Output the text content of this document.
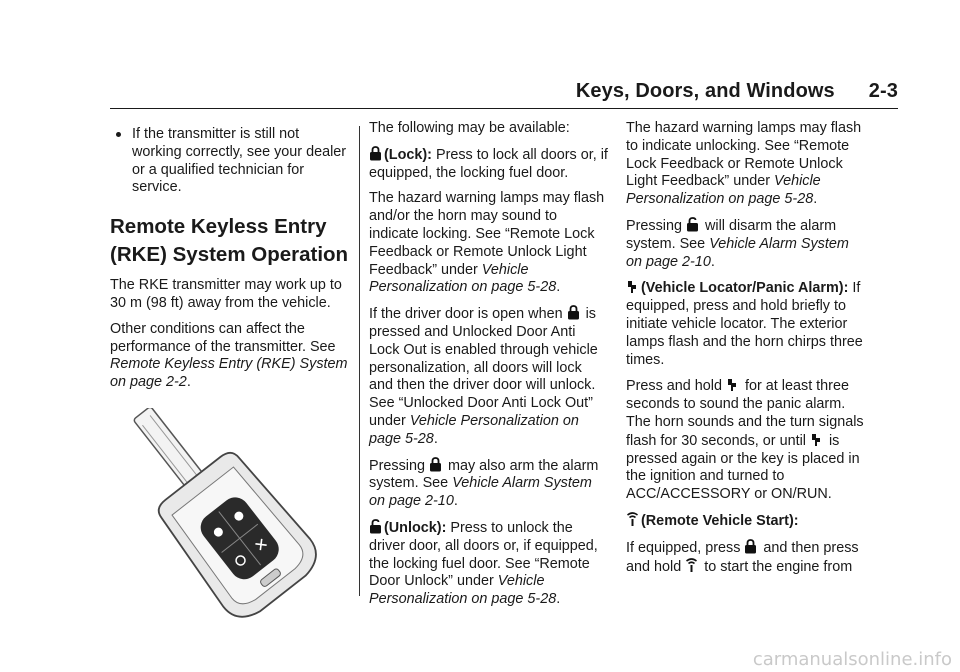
Keys, Doors, and Windows 2-3
If the transmitter is still not working correctly, see your dealer or a qualified technician for service.
Remote Keyless Entry (RKE) System Operation

The RKE transmitter may work up to 30 m (98 ft) away from the vehicle.

Other conditions can affect the performance of the transmitter. See Remote Keyless Entry (RKE) System on page 2‑2.

The following may be available:

(Lock): Press to lock all doors or, if equipped, the locking fuel door.

The hazard warning lamps may flash and/or the horn may sound to indicate locking. See “Remote Lock Feedback or Remote Unlock Light Feedback” under Vehicle Personalization on page 5‑28.

If the driver door is open when
is pressed and Unlocked Door Anti Lock Out is enabled through vehicle personalization, all doors will lock and then the driver door will unlock. See “Unlocked Door Anti Lock Out” under Vehicle Personalization on page 5‑28.

Pressing
may also arm the alarm system. See Vehicle Alarm System on page 2‑10.

(Unlock): Press to unlock the driver door, all doors or, if equipped, the locking fuel door. See “Remote Door Unlock” under Vehicle Personalization on page 5‑28.

The hazard warning lamps may flash to indicate unlocking. See “Remote Lock Feedback or Remote Unlock Light Feedback” under Vehicle Personalization on page 5‑28.

Pressing
will disarm the alarm system. See Vehicle Alarm System on page 2‑10.

(Vehicle Locator/Panic Alarm): If equipped, press and hold briefly to initiate vehicle locator. The exterior lamps flash and the horn chirps three times.

Press and hold
for at least three seconds to sound the panic alarm. The horn sounds and the turn signals flash for 30 seconds, or until
is pressed again or the key is placed in the ignition and turned to ACC/ACCESSORY or ON/RUN.

(Remote Vehicle Start):

If equipped, press
and then press and hold
to start the engine from

carmanualsonline.info
